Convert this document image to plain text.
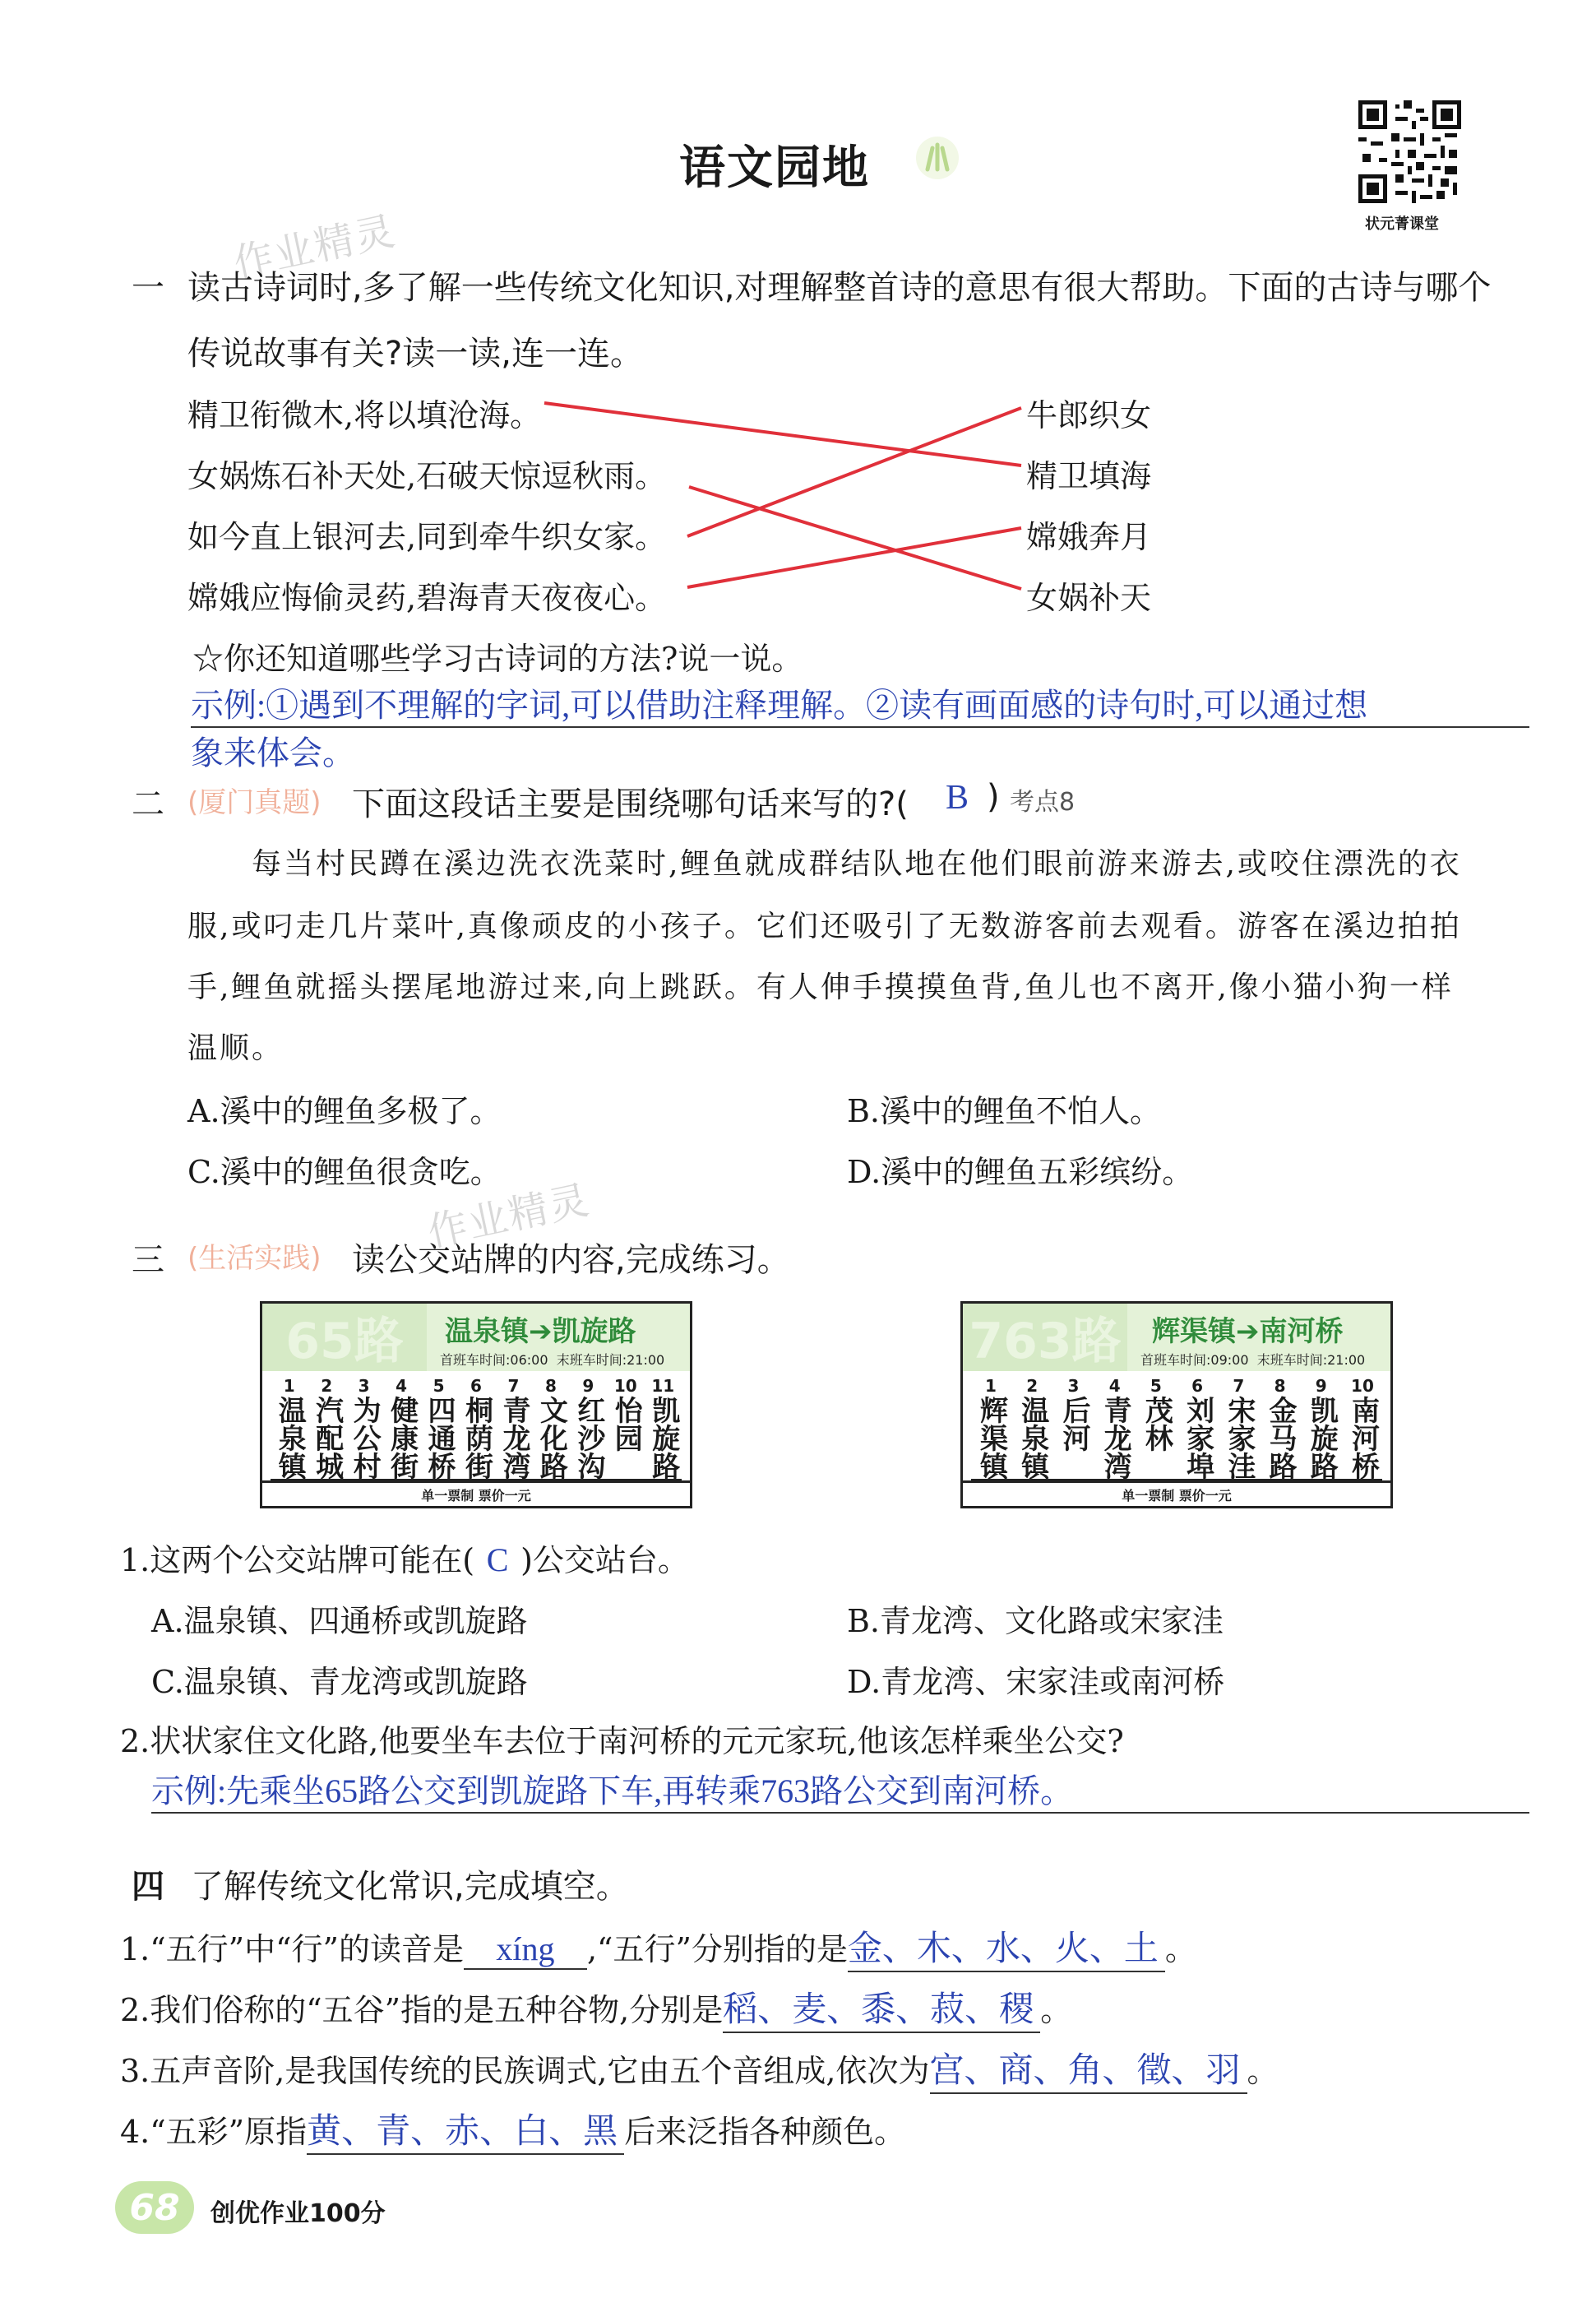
语文园地
状元菁课堂
作业精灵
作业精灵
一 读古诗词时,多了解一些传统文化知识,对理解整首诗的意思有很大帮助。下面的古诗与哪个
传说故事有关?读一读,连一连。
精卫衔微木,将以填沧海。
女娲炼石补天处,石破天惊逗秋雨。
如今直上银河去,同到牵牛织女家。
嫦娥应悔偷灵药,碧海青天夜夜心。
牛郎织女
精卫填海
嫦娥奔月
女娲补天
☆你还知道哪些学习古诗词的方法?说一说。
示例:①遇到不理解的字词,可以借助注释理解。②读有画面感的诗句时,可以通过想
象来体会。
二 (厦门真题) 下面这段话主要是围绕哪句话来写的?( B ) 考点8
每当村民蹲在溪边洗衣洗菜时,鲤鱼就成群结队地在他们眼前游来游去,或咬住漂洗的衣
服,或叼走几片菜叶,真像顽皮的小孩子。它们还吸引了无数游客前去观看。游客在溪边拍拍
手,鲤鱼就摇头摆尾地游过来,向上跳跃。有人伸手摸摸鱼背,鱼儿也不离开,像小猫小狗一样
温顺。
A.溪中的鲤鱼多极了。	B.溪中的鲤鱼不怕人。
C.溪中的鲤鱼很贪吃。	D.溪中的鲤鱼五彩缤纷。
三 (生活实践) 读公交站牌的内容,完成练习。
65路	温泉镇➔凯旋路
首班车时间:06:00 末班车时间:21:00
1
温泉镇
2
汽配城
3
为公村
4
健康街
5
四通桥
6
桐荫街
7
青龙湾
8
文化路
9
红沙沟
10
怡园
11
凯旋路
单一票制 票价一元
763路 辉渠镇➔南河桥
首班车时间:09:00 末班车时间:21:00
1
辉渠镇
2
温泉镇
3
后河
4
青龙湾
5
茂林
6
刘家埠
7
宋家洼
8
金马路
9
凯旋路
10
南河桥
单一票制 票价一元
1.这两个公交站牌可能在( C )公交站台。
A.温泉镇、四通桥或凯旋路	B.青龙湾、文化路或宋家洼
C.温泉镇、青龙湾或凯旋路	D.青龙湾、宋家洼或南河桥
2.状状家住文化路,他要坐车去位于南河桥的元元家玩,他该怎样乘坐公交?
示例:先乘坐65路公交到凯旋路下车,再转乘763路公交到南河桥。
四 了解传统文化常识,完成填空。
1.“五行”中“行”的读音是 xíng ,“五行”分别指的是金、木、水、火、土 。
2.我们俗称的“五谷”指的是五种谷物,分别是稻、麦、黍、菽、稷 。
3.五声音阶,是我国传统的民族调式,它由五个音组成,依次为宫、商、角、徵、羽 。
4.“五彩”原指黄、青、赤、白、黑 后来泛指各种颜色。
68 创优作业100分
